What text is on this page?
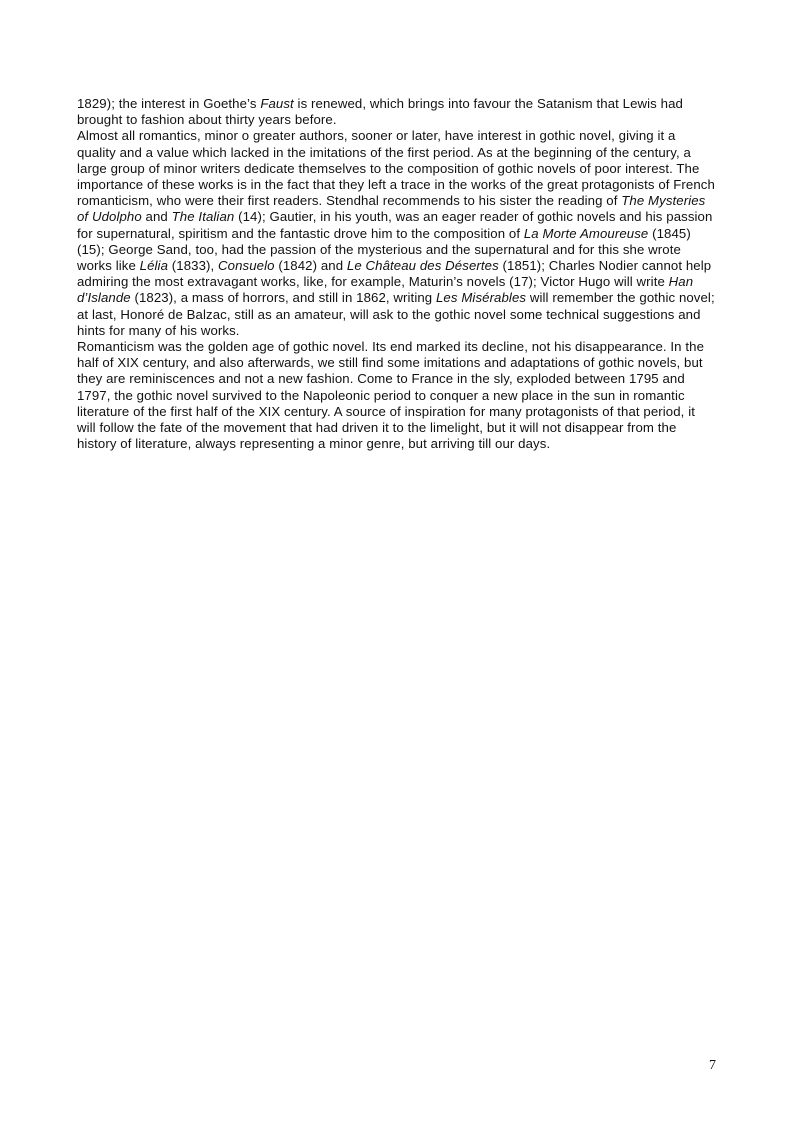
1829); the interest in Goethe’s Faust is renewed, which brings into favour the Satanism that Lewis had brought to fashion about thirty years before.

Almost all romantics, minor o greater authors, sooner or later, have interest in gothic novel, giving it a quality and a value which lacked in the imitations of the first period. As at the beginning of the century, a large group of minor writers dedicate themselves to the composition of gothic novels of poor interest. The importance of these works is in the fact that they left a trace in the works of the great protagonists of French romanticism, who were their first readers. Stendhal recommends to his sister the reading of The Mysteries of Udolpho and The Italian (14); Gautier, in his youth, was an eager reader of gothic novels and his passion for supernatural, spiritism and the fantastic drove him to the composition of La Morte Amoureuse (1845) (15); George Sand, too, had the passion of the mysterious and the supernatural and for this she wrote works like Lélia (1833), Consuelo (1842) and Le Château des Désertes (1851); Charles Nodier cannot help admiring the most extravagant works, like, for example, Maturin’s novels (17); Victor Hugo will write Han d’Islande (1823), a mass of horrors, and still in 1862, writing Les Misérables will remember the gothic novel; at last, Honoré de Balzac, still as an amateur, will ask to the gothic novel some technical suggestions and hints for many of his works.

Romanticism was the golden age of gothic novel. Its end marked its decline, not his disappearance. In the half of XIX century, and also afterwards, we still find some imitations and adaptations of gothic novels, but they are reminiscences and not a new fashion. Come to France in the sly, exploded between 1795 and 1797, the gothic novel survived to the Napoleonic period to conquer a new place in the sun in romantic literature of the first half of the XIX century. A source of inspiration for many protagonists of that period, it will follow the fate of the movement that had driven it to the limelight, but it will not disappear from the history of literature, always representing a minor genre, but arriving till our days.

7
